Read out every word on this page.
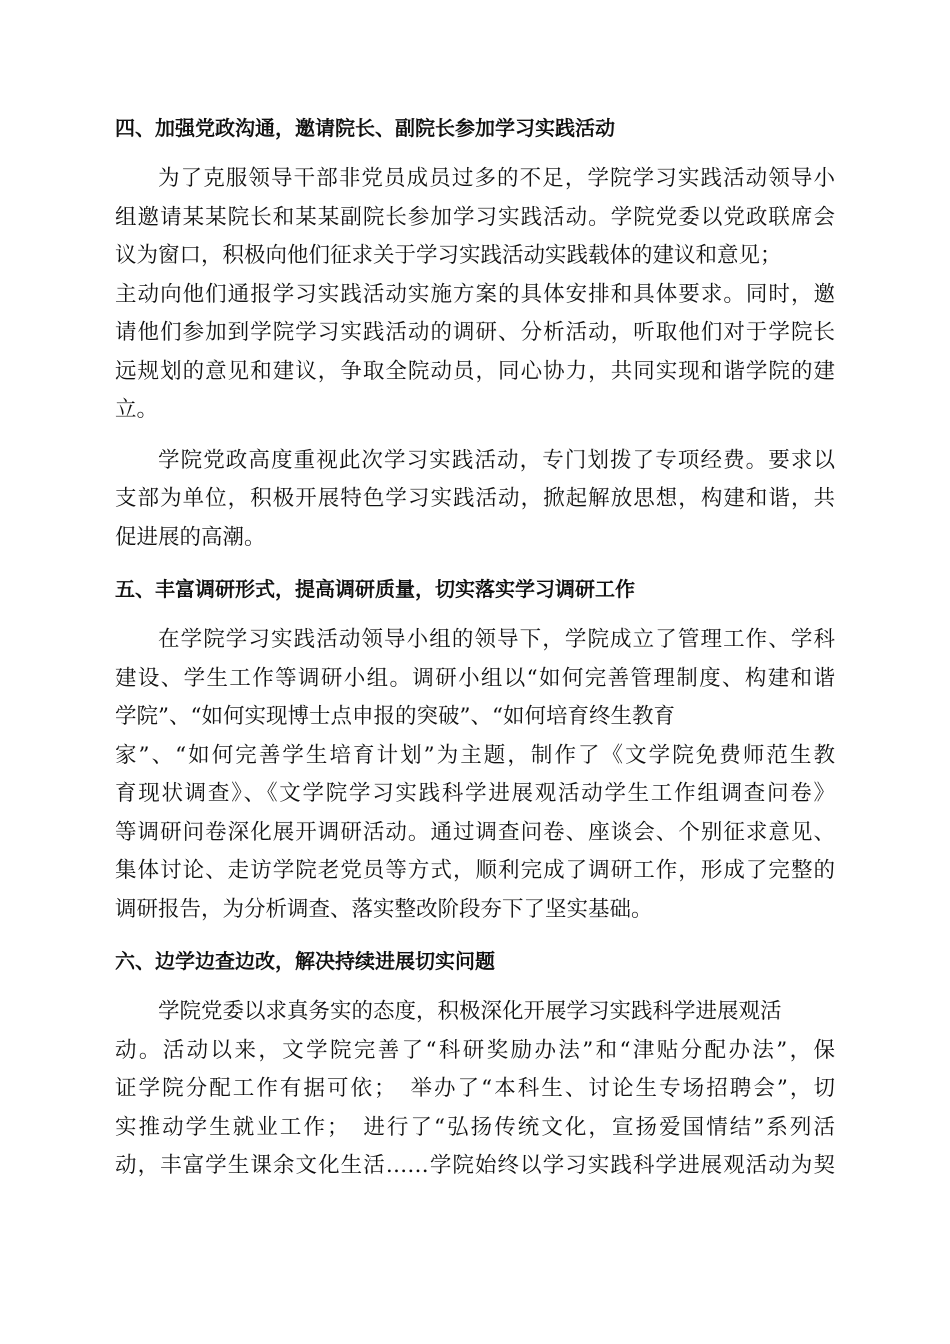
四、加强党政沟通，邀请院长、副院长参加学习实践活动
为了克服领导干部非党员成员过多的不足，学院学习实践活动领导小
组邀请某某院长和某某副院长参加学习实践活动。学院党委以党政联席会
议为窗口，积极向他们征求关于学习实践活动实践载体的建议和意见；
主动向他们通报学习实践活动实施方案的具体安排和具体要求。同时，邀
请他们参加到学院学习实践活动的调研、分析活动，听取他们对于学院长
远规划的意见和建议，争取全院动员，同心协力，共同实现和谐学院的建
立。
学院党政高度重视此次学习实践活动，专门划拨了专项经费。要求以
支部为单位，积极开展特色学习实践活动，掀起解放思想，构建和谐，共
促进展的高潮。
五、丰富调研形式，提高调研质量，切实落实学习调研工作
在学院学习实践活动领导小组的领导下，学院成立了管理工作、学科
建设、学生工作等调研小组。调研小组以“如何完善管理制度、构建和谐
学院”、“如何实现博士点申报的突破”、“如何培育终生教育
家”、“如何完善学生培育计划”为主题，制作了《文学院免费师范生教
育现状调查》、《文学院学习实践科学进展观活动学生工作组调查问卷》
等调研问卷深化展开调研活动。通过调查问卷、座谈会、个别征求意见、
集体讨论、走访学院老党员等方式，顺利完成了调研工作，形成了完整的
调研报告，为分析调查、落实整改阶段夯下了坚实基础。
六、边学边查边改，解决持续进展切实问题
学院党委以求真务实的态度，积极深化开展学习实践科学进展观活
动。活动以来，文学院完善了“科研奖励办法”和“津贴分配办法”，保
证学院分配工作有据可依；　举办了“本科生、讨论生专场招聘会”，切
实推动学生就业工作；　进行了“弘扬传统文化，宣扬爱国情结”系列活
动，丰富学生课余文化生活……学院始终以学习实践科学进展观活动为契
